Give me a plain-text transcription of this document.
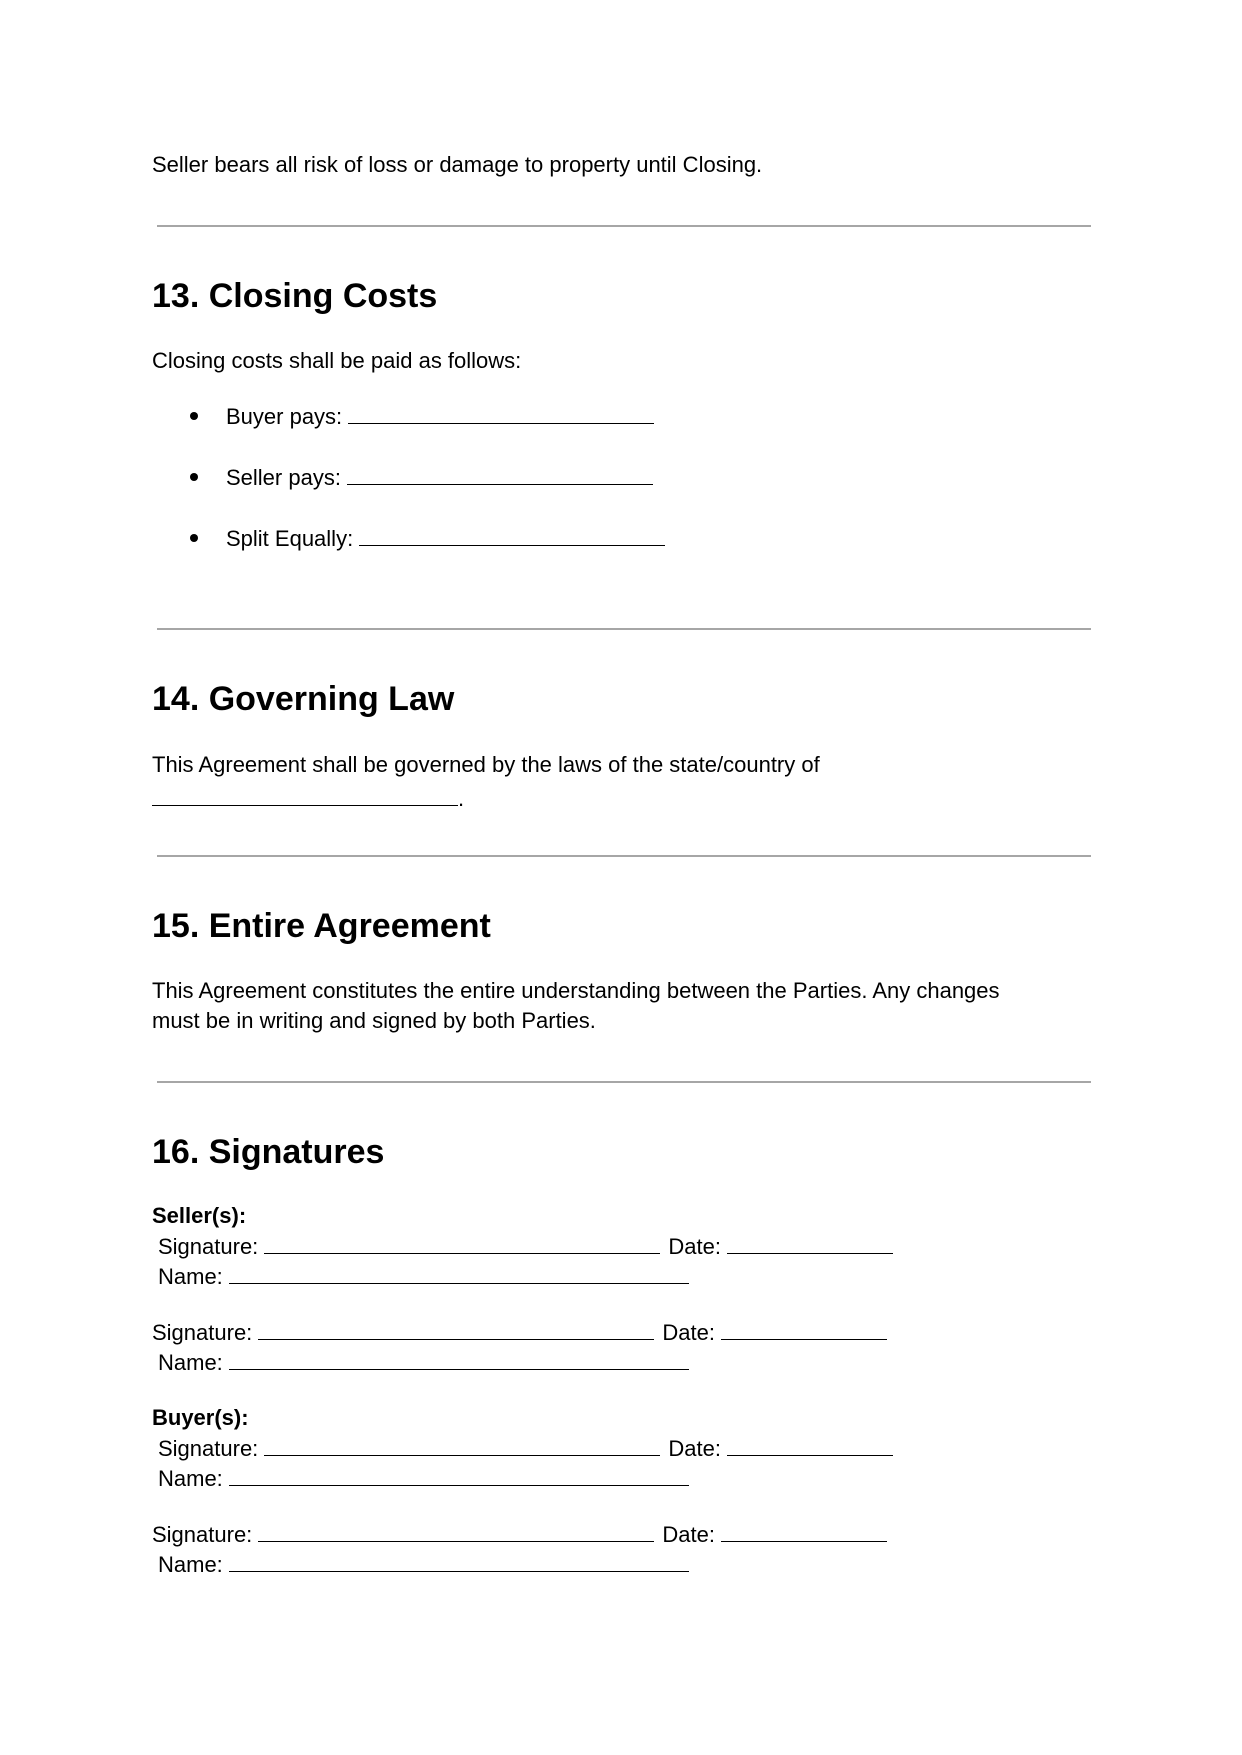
Seller bears all risk of loss or damage to property until Closing.
13. Closing Costs
Closing costs shall be paid as follows:
Buyer pays:
Seller pays:
Split Equally:
14. Governing Law
This Agreement shall be governed by the laws of the state/country of
.
15. Entire Agreement
This Agreement constitutes the entire understanding between the Parties. Any changes
must be in writing and signed by both Parties.
16. Signatures
Seller(s):
Signature:	Date:
Name:
Signature:	Date:
Name:
Buyer(s):
Signature:	Date:
Name:
Signature:	Date:
Name:
